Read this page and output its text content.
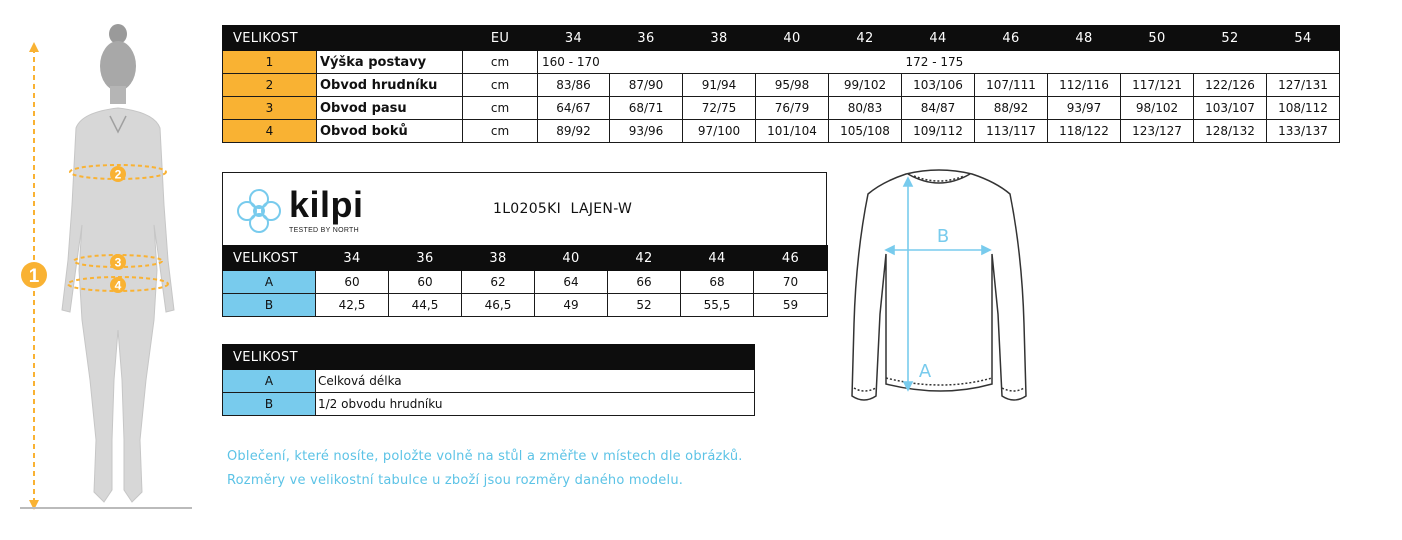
1
2
3
4
VELIKOST		EU	34	36	38	40	42	44	46	48	50	52	54
1	Výška postavy	cm	160 - 170					172 - 175					
2	Obvod hrudníku	cm	83/86	87/90	91/94	95/98	99/102	103/106	107/111	112/116	117/121	122/126	127/131
3	Obvod pasu	cm	64/67	68/71	72/75	76/79	80/83	84/87	88/92	93/97	98/102	103/107	108/112
4	Obvod boků	cm	89/92	93/96	97/100	101/104	105/108	109/112	113/117	118/122	123/127	128/132	133/137
kilpi
TESTED BY NORTH
1L0205KI  LAJEN-W
VELIKOST	34	36	38	40	42	44	46
A	60	60	62	64	66	68	70
B	42,5	44,5	46,5	49	52	55,5	59
VELIKOST	
A	Celková délka
B	1/2 obvodu hrudníku
B
A
Oblečení, které nosíte, položte volně na stůl a změřte v místech dle obrázků.
Rozměry ve velikostní tabulce u zboží jsou rozměry daného modelu.
